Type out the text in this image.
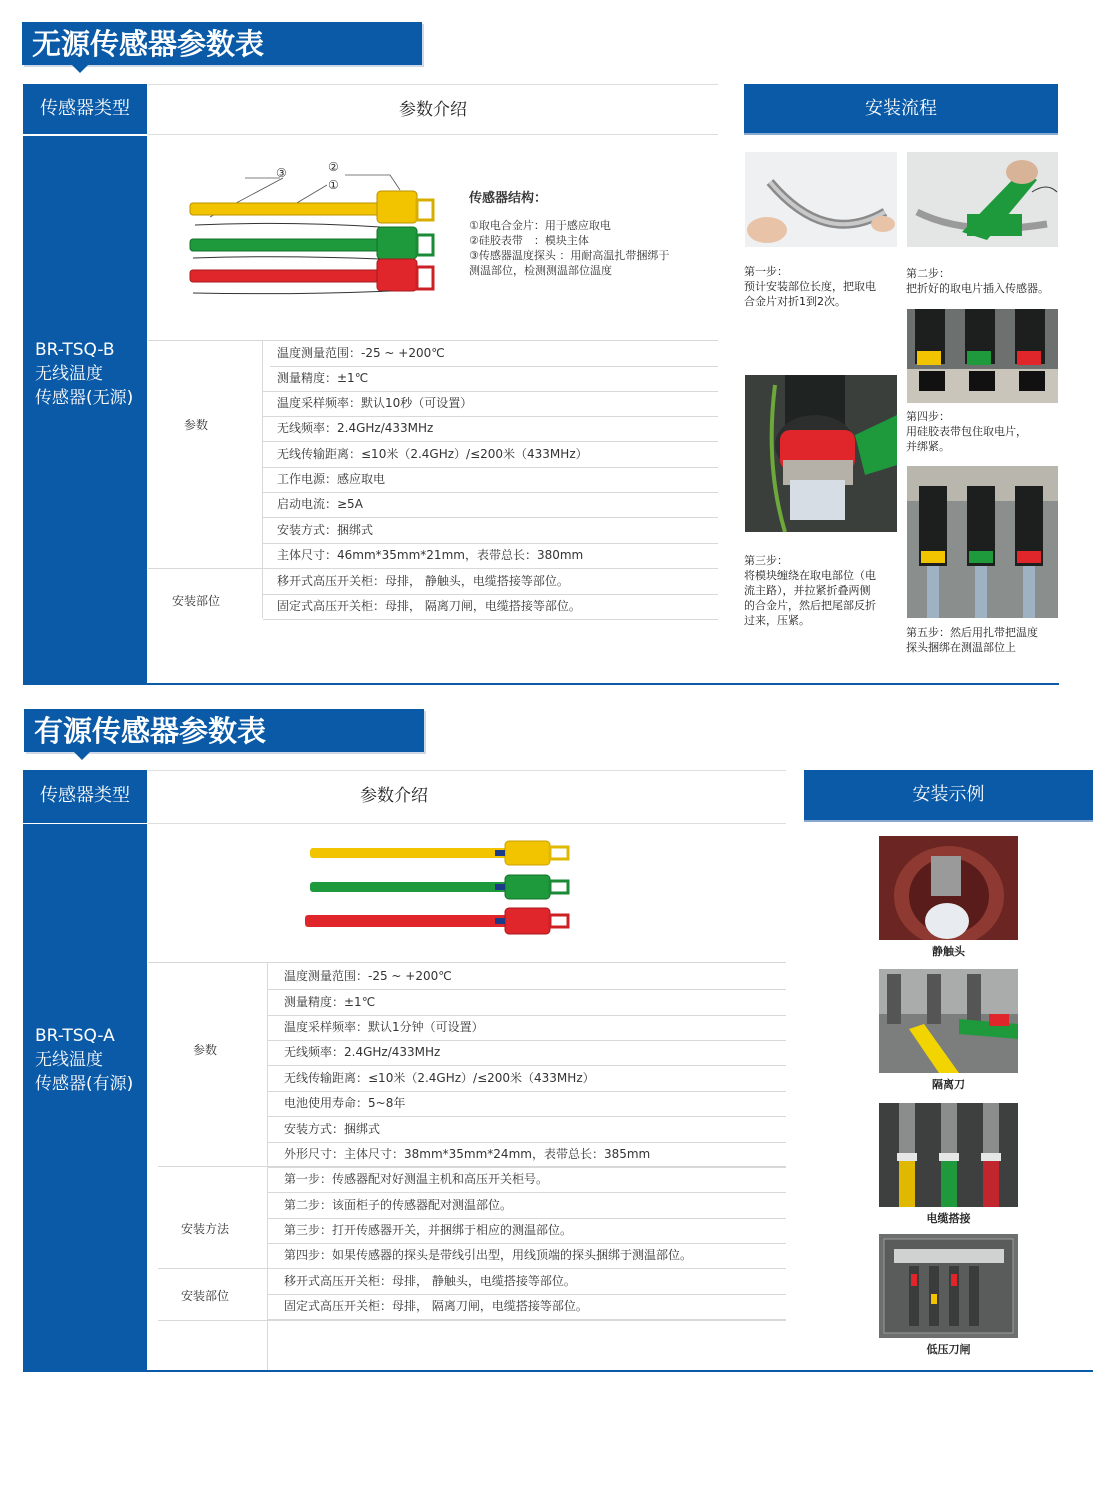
无源传感器参数表
传感器类型	参数介绍	安装流程
BR-TSQ-B
无线温度
传感器(无源)
③	②
①
传感器结构：
①取电合金片：用于感应取电
②硅胶表带　：模块主体
③传感器温度探头 ：用耐高温扎带捆绑于
测温部位，检测测温部位温度
参数
温度测量范围：-25 ~ +200℃
测量精度：±1℃
温度采样频率：默认10秒（可设置）
无线频率：2.4GHz/433MHz
无线传输距离：≤10米（2.4GHz）/≤200米（433MHz）
工作电源：感应取电
启动电流：≥5A
安装方式：捆绑式
主体尺寸：46mm*35mm*21mm，表带总长：380mm
安装部位
移开式高压开关柜：母排， 静触头，电缆搭接等部位。
固定式高压开关柜：母排， 隔离刀闸，电缆搭接等部位。
第一步：
预计安装部位长度，把取电
合金片对折1到2次。
第二步：
把折好的取电片插入传感器。
第三步：
将模块缠绕在取电部位（电
流主路），并拉紧折叠两侧
的合金片，然后把尾部反折
过来，压紧。
第四步：
用硅胶表带包住取电片，
并绑紧。
第五步：然后用扎带把温度
探头捆绑在测温部位上
有源传感器参数表
传感器类型	参数介绍	安装示例
BR-TSQ-A
无线温度
传感器(有源)
参数
温度测量范围：-25 ~ +200℃
测量精度：±1℃
温度采样频率：默认1分钟（可设置）
无线频率：2.4GHz/433MHz
无线传输距离：≤10米（2.4GHz）/≤200米（433MHz）
电池使用寿命：5~8年
安装方式：捆绑式
外形尺寸：主体尺寸：38mm*35mm*24mm，表带总长：385mm
安装方法
第一步：传感器配对好测温主机和高压开关柜号。
第二步：该面柜子的传感器配对测温部位。
第三步：打开传感器开关，并捆绑于相应的测温部位。
第四步：如果传感器的探头是带线引出型，用线顶端的探头捆绑于测温部位。
安装部位
移开式高压开关柜：母排， 静触头，电缆搭接等部位。
固定式高压开关柜：母排， 隔离刀闸，电缆搭接等部位。
静触头
隔离刀
电缆搭接
低压刀闸
